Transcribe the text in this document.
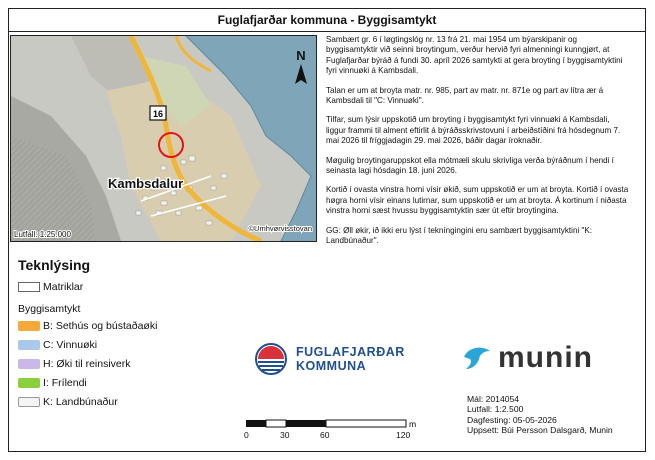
Fuglafjarðar kommuna - Byggisamtykt
16
Kambsdalur
N
Lutfall: 1:25.000
©Umhvørvisstovan

Sambært gr. 6 í løgtingslóg nr. 13 frá 21. mai 1954 um býarskipanir og byggisamtyktir við seinni broytingum, verður hervið fyri almenningi kunngjørt, at Fuglafjarðar býráð á fundi 30. apríl 2026 samtykti at gera broyting í byggisamtyktini fyri vinnuøki á Kambsdali.

Talan er um at broyta matr. nr. 985, part av matr. nr. 871e og part av lítra ær á Kambsdali til "C: Vinnuøki".

Tilfar, sum lýsir uppskotið um broyting í byggisamtykt fyri vinnuøki á Kambsdali, liggur frammi til alment eftirlit á býráðsskrivstovuni í arbeiðstíðini frá hósdegnum 7. mai 2026 til fríggjadagin 29. mai 2026, báðir dagar íroknaðir.

Møgulig broytingaruppskot ella mótmæli skulu skrivliga verða býráðnum í hendi í seinasta lagi hósdagin 18. juni 2026.

Kortið í ovasta vinstra horni vísir økið, sum uppskotið er um at broyta. Kortið í ovasta høgra horni vísir einans lutirnar, sum uppskotið er um at broyta. Á kortinum í niðasta vinstra horni sæst hvussu byggisamtyktin sær út eftir broytingina.

GG: Øll økir, ið ikki eru lýst í tekníngingini eru sambært byggisamtyktini "K: Landbúnaður".

Teknlýsing
Matriklar
Byggisamtykt
B: Sethús og bústaðaøki
C: Vinnuøki
H: Øki til reinsiverk
I: Frílendi
K: Landbúnaður
FUGLAFJARÐAR
KOMMUNA	munin
Mál: 2014054
Lutfall: 1:2.500
Dagfesting: 05-05-2026
Uppsett: Búi Persson Dalsgarð, Munin
m
0	30	60	120
